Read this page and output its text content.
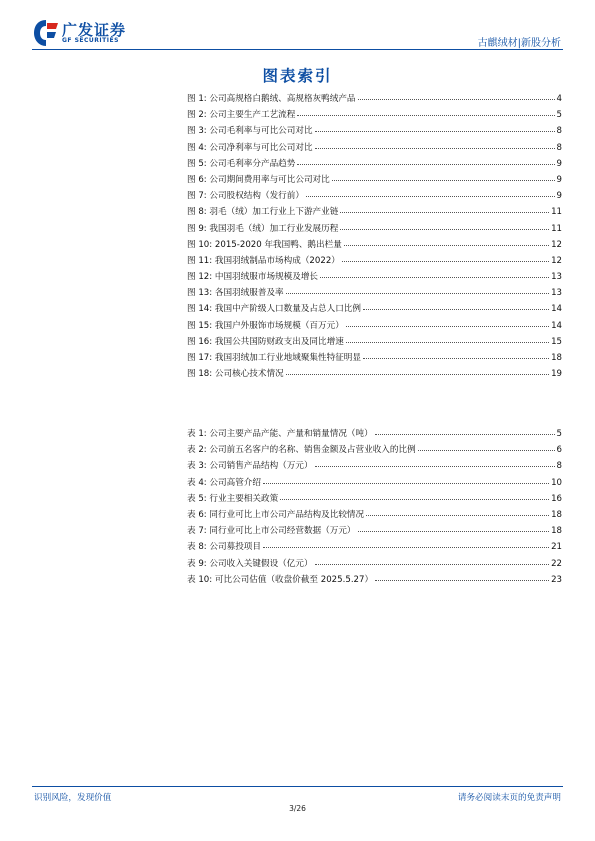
广发证券
GF SECURITIES	古麒绒材|新股分析
图表索引
图 1: 公司高规格白鹅绒、高规格灰鸭绒产品	4
图 2: 公司主要生产工艺流程	5
图 3: 公司毛利率与可比公司对比	8
图 4: 公司净利率与可比公司对比	8
图 5: 公司毛利率分产品趋势	9
图 6: 公司期间费用率与可比公司对比	9
图 7: 公司股权结构（发行前）	9
图 8: 羽毛（绒）加工行业上下游产业链	11
图 9: 我国羽毛（绒）加工行业发展历程	11
图 10: 2015-2020 年我国鸭、鹅出栏量	12
图 11: 我国羽绒制品市场构成（2022）	12
图 12: 中国羽绒服市场规模及增长	13
图 13: 各国羽绒服普及率	13
图 14: 我国中产阶级人口数量及占总人口比例	14
图 15: 我国户外服饰市场规模（百万元）	14
图 16: 我国公共国防财政支出及同比增速	15
图 17: 我国羽绒加工行业地域聚集性特征明显	18
图 18: 公司核心技术情况	19
表 1: 公司主要产品产能、产量和销量情况（吨）	5
表 2: 公司前五名客户的名称、销售金额及占营业收入的比例	6
表 3: 公司销售产品结构（万元）	8
表 4: 公司高管介绍	10
表 5: 行业主要相关政策	16
表 6: 同行业可比上市公司产品结构及比较情况	18
表 7: 同行业可比上市公司经营数据（万元）	18
表 8: 公司募投项目	21
表 9: 公司收入关键假设（亿元）	22
表 10: 可比公司估值（收盘价截至 2025.5.27）	23
识别风险，发现价值	请务必阅读末页的免责声明
3/26
